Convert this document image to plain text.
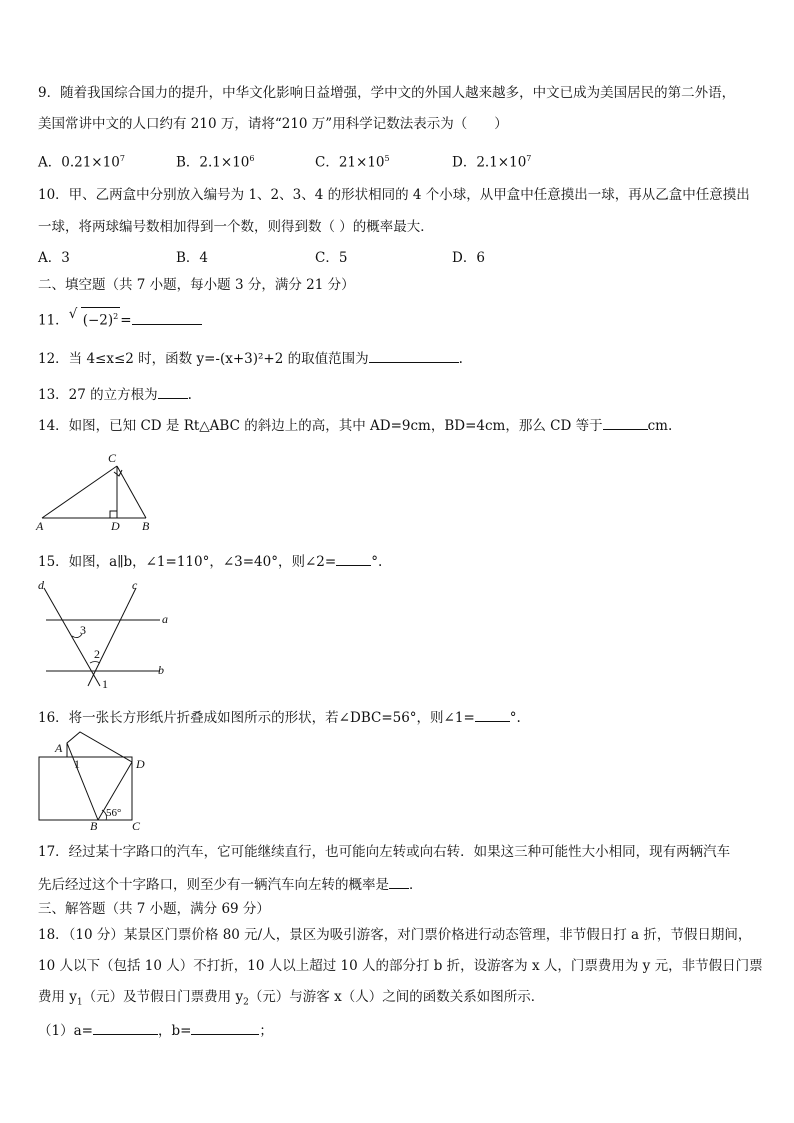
9．随着我国综合国力的提升，中华文化影响日益增强，学中文的外国人越来越多，中文已成为美国居民的第二外语，
美国常讲中文的人口约有 210 万，请将“210 万”用科学记数法表示为（　　）
A．$0.21\times 10^7$	B．$2.1\times 10^6$	C．$21\times 10^5$	D．$2.1\times 10^7$
10．甲、乙两盒中分别放入编号为 1、2、3、4 的形状相同的 4 个小球，从甲盒中任意摸出一球，再从乙盒中任意摸出
一球，将两球编号数相加得到一个数，则得到数（ ）的概率最大．
A．3	B．4	C．5	D．6
二、填空题（共 7 小题，每小题 3 分，满分 21 分）
11． √ $(-2)^2$ =
12．当 4≤x≤2 时，函数 y=-(x+3)²+2 的取值范围为	.
13．27 的立方根为 .
14．如图，已知 CD 是 Rt△ABC 的斜边上的高，其中 AD=9cm，BD=4cm，那么 CD 等于	cm.
A	D B
C
15．如图，a∥b，∠1=110°，∠3=40°，则∠2=	°.
d	c
a
b
3
2
1
16．将一张长方形纸片折叠成如图所示的形状，若∠DBC=56°，则∠1=	°.
A
D
B	C
1
56°
17．经过某十字路口的汽车，它可能继续直行，也可能向左转或向右转．如果这三种可能性大小相同，现有两辆汽车
先后经过这个十字路口，则至少有一辆汽车向左转的概率是 ．
三、解答题（共 7 小题，满分 69 分）
18．（10 分）某景区门票价格 80 元/人，景区为吸引游客，对门票价格进行动态管理，非节假日打 a 折，节假日期间，
10 人以下（包括 10 人）不打折，10 人以上超过 10 人的部分打 b 折，设游客为 x 人，门票费用为 y 元，非节假日门票
费用 $y_1$（元）及节假日门票费用 $y_2$（元）与游客 x（人）之间的函数关系如图所示．
（1）a=	，b=	；
